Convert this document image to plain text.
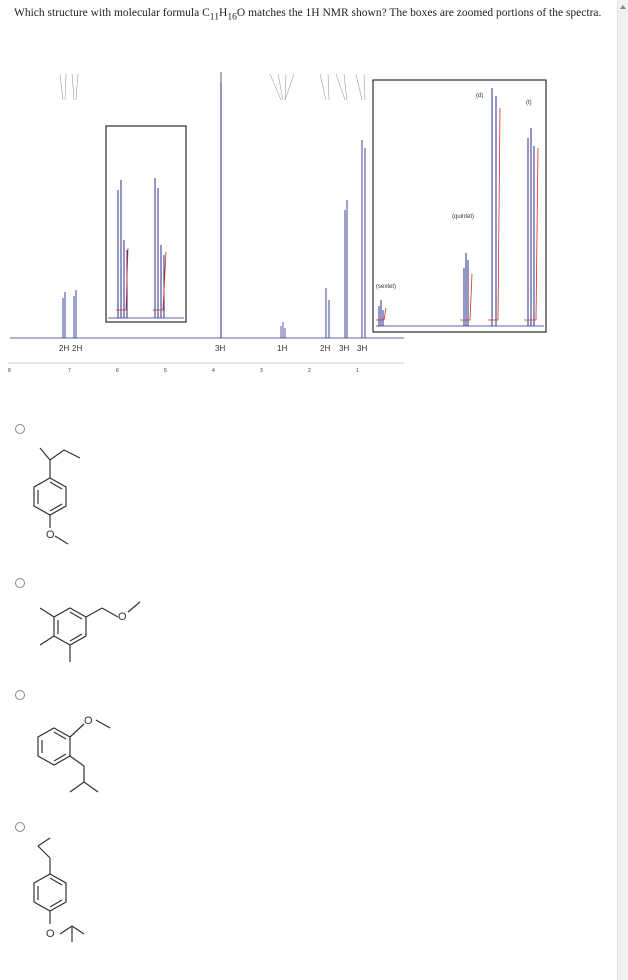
Which structure with molecular formula $C_{11}H_{16}O$ matches the 1H NMR shown? The boxes are zoomed portions of the spectra.
2H 2H	3H	1H	2H 3H 3H
8	7	6	5	4	3	2	1
(d)
(t)
(quintet)
(sextet)
O
O
O
O
